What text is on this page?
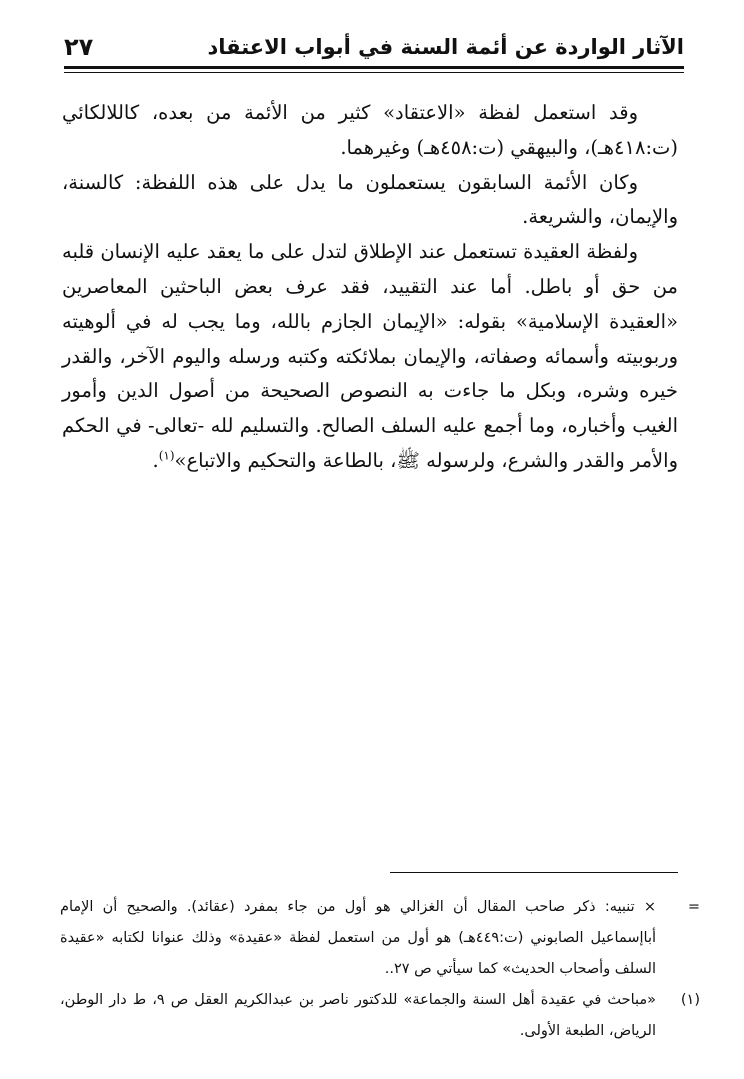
الآثار الواردة عن أئمة السنة في أبواب الاعتقاد
٢٧

وقد استعمل لفظة «الاعتقاد» كثير من الأئمة من بعده، كاللالكائي (ت:٤١٨هـ)، والبيهقي (ت:٤٥٨هـ) وغيرهما.

وكان الأئمة السابقون يستعملون ما يدل على هذه اللفظة: كالسنة، والإيمان، والشريعة.

ولفظة العقيدة تستعمل عند الإطلاق لتدل على ما يعقد عليه الإنسان قلبه من حق أو باطل. أما عند التقييد، فقد عرف بعض الباحثين المعاصرين «العقيدة الإسلامية» بقوله: «الإيمان الجازم بالله، وما يجب له في ألوهيته وربوبيته وأسمائه وصفاته، والإيمان بملائكته وكتبه ورسله واليوم الآخر، والقدر خيره وشره، وبكل ما جاءت به النصوص الصحيحة من أصول الدين وأمور الغيب وأخباره، وما أجمع عليه السلف الصالح. والتسليم لله -تعالى- في الحكم والأمر والقدر والشرع، ولرسوله ﷺ، بالطاعة والتحكيم والاتباع»$^{(١)}$.

=
× تنبيه: ذكر صاحب المقال أن الغزالي هو أول من جاء بمفرد (عقائد). والصحيح أن الإمام أباإسماعيل الصابوني (ت:٤٤٩هـ) هو أول من استعمل لفظة «عقيدة» وذلك عنوانا لكتابه «عقيدة السلف وأصحاب الحديث» كما سيأتي ص ٢٧..
(١)
«مباحث في عقيدة أهل السنة والجماعة» للدكتور ناصر بن عبدالكريم العقل ص ٩، ط دار الوطن، الرياض، الطبعة الأولى.
